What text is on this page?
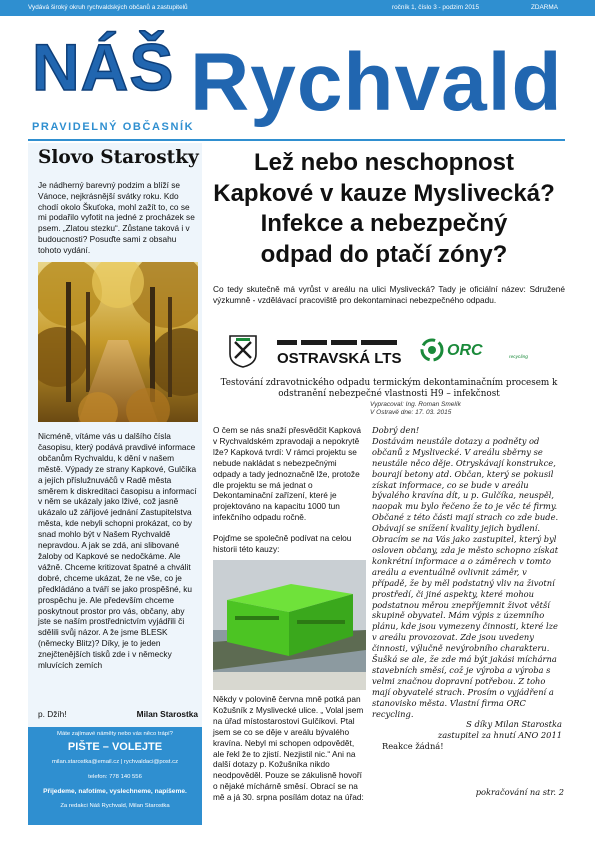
Vydává široký okruh rychvaldských občanů a zastupitelů	ročník 1, číslo 3 - podzim 2015	ZDARMA
NÁŠ
PRAVIDELNÝ OBČASNÍK
Rychvald
Slovo Starostky
Je nádherný barevný podzim a blíží se Vánoce, nejkrásnější svátky roku. Kdo chodí okolo Škuťoka, mohl zažít to, co se mi podařilo vyfotit na jedné z procházek se psem. „Zlatou stezku“. Zůstane taková i v budoucnosti? Posuďte sami z obsahu tohoto vydání.
Nicméně, vítáme vás u dalšího čísla časopisu, který podává pravdivé informace občanům Rychvaldu, k dění v našem městě. Výpady ze strany Kapkové, Gulčíka a jejích příslužnuváčů v Radě města směrem k diskreditaci časopisu a informací v něm se ukázaly jako lživé, což jasně ukázalo už zářijové jednání Zastupitelstva města, kde nebyli schopni prokázat, co by snad mohlo být v Našem Rychvaldě nepravdou. A jak se zdá, ani slibované žaloby od Kapkové se nedočkáme. Ale vážně. Chceme kritizovat špatné a chválit dobré, chceme ukázat, že ne vše, co je předkládáno a tváří se jako prospěšné, ku prospěchu je. Ale především chceme poskytnout prostor pro vás, občany, aby jste se naším prostřednictvím vyjádřili či sdělili svůj názor. A že jsme BLESK (německy Blitz)? Díky, je to jeden znejčtenějších tisků zde i v německy mluvících zemích
p. Džíh!	Milan Starostka
Máte zajímavé náměty nebo vás něco trápí?
PIŠTE – VOLEJTE
milan.starostka@email.cz | rychvaldaci@post.cz
telefon: 778 140 556
Přijedeme, nafotíme, vyslechneme, napíšeme.
Za redakci Náš Rychvald, Milan Starostka
Lež nebo neschopnost
Kapkové v kauze Myslivecká?
Infekce a nebezpečný
odpad do ptačí zóny?
Co tedy skutečně má vyrůst v areálu na ulici Myslivecká? Tady je oficiální název: Sdružené výzkumně - vzdělávací pracoviště pro dekontaminaci nebezpečného odpadu.
OSTRAVSKÁ LTS	ORC	recycling
Testování zdravotnického odpadu termickým dekontaminačním procesem k odstranění nebezpečné vlastnosti H9 – infekčnost
Vypracoval: Ing. Roman Smelík
V Ostravě dne: 17. 03. 2015
O čem se nás snaží přesvědčit Kapková v Rychvaldském zpravodaji a nepokrytě lže? Kapková tvrdí: V rámci projektu se nebude nakládat s nebezpečnými odpady a tady jednoznačně lže, protože dle projektu se má jednat o Dekontaminační zařízení, které je projektováno na kapacitu 1000 tun infekčního odpadu ročně.
Pojďme se společně podívat na celou historii této kauzy:
Někdy v polovině června mně potká pan Kožušník z Myslivecké ulice. „ Volal jsem na úřad místostarostovi Gulčíkovi. Ptal jsem se co se děje v areálu bývalého kravína. Nebyl mi schopen odpovědět, ale řekl že to zjistí. Nezjistil nic.“ Ani na další dotazy p. Kožušníka nikdo neodpověděl. Pouze se zákulisně hovoří o nějaké míchárně směsí. Obrací se na mě a já 30. srpna posílám dotaz na úřad:
Dobrý den!
Dostávám neustále dotazy a podněty od občanů z Myslivecké. V areálu sběrny se neustále něco děje. Otryskávají konstrukce, bourají betony atd. Občan, který se pokusil získat informace, co se bude v areálu bývalého kravína dít, u p. Gulčíka, neuspěl, naopak mu bylo řečeno že to je věc té firmy. Občané z této části mají strach co zde bude. Obávají se snížení kvality jejich bydlení. Obracím se na Vás jako zastupitel, který byl osloven občany, zda je město schopno získat konkrétní informace a o záměrech v tomto areálu a eventuálně ovlivnit záměr, v případě, že by měl podstatný vliv na životní prostředí, či jiné aspekty, které mohou podstatnou měrou znepříjemnit život větší skupině obyvatel. Mám výpis z územního plánu, kde jsou vymezeny činnosti, které lze v areálu provozovat. Zde jsou uvedeny činnosti, výlučně nevýrobního charakteru. Šušká se ale, že zde má být jakási míchárna stavebních směsí, což je výroba a výroba s velmi značnou dopravní potřebou. Z toho mají obyvatelé strach. Prosím o vyjádření a stanovisko města. Vlastní firma ORC recycling.
S díky Milan Starostka
zastupitel za hnutí ANO 2011
Reakce žádná!
pokračování na str. 2
